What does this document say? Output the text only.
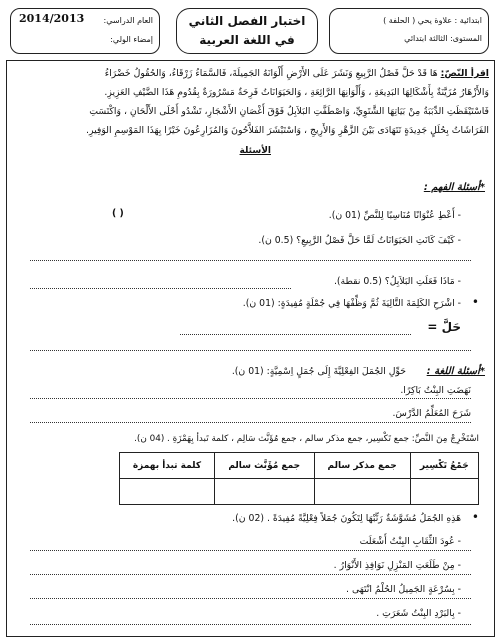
ابتدائية : علاوة يحي ( الحلفة )
المستوى: الثالثة ابتدائي
اختبار الفصل الثاني
في اللغة العربية
العام الدراسي:
2014/2013
إمضاء الولي:
اقرأ النّصّ: هَا قَدْ حَلَّ فَصْلُ الرَّبِيعِ وَنَشَرَ عَلَى الأَرْضِ أَلْوَانَهُ الجَمِيلَةَ، فَالسَّمَاءُ زَرْقَاءُ، وَالحُقُولُ خَضْرَاءُ
وَالأَزْهَارُ مُزَيَّنَةٌ بِأَشْكَالِهَا البَدِيعَةِ ، وَأَلْوَانِهَا الرَّائِعَةِ ، وَالحَيَوَانَاتُ فَرِحَةٌ مَسْرُورَةٌ بِقُدُومِ هَذَا الضَّيْفِ العَزِيزِ.
فَاسْتَيْقَظَتِ الدِّبَبَةُ مِنْ بَيَاتِهَا الشَّتَوِيِّ، وَاصْطَفَّتِ البَلاَبِلُ فَوْقَ أَغْصَانِ الأَشْجَارِ، تَشْدُو أَحْلَى الأَلْحَانِ ، وَاكْتَسَتِ
الفَرَاشَاتُ بِحُلَلٍ جَدِيدَةٍ تَتَهَادَى بَيْنَ الزَّهْرِ وَالأَرِيجِ ، وَاسْتَبْشَرَ الفَلاَّحُونَ وَالمُزَارِعُونَ خَيْرًا بِهَذَا المَوْسِمِ الوَفِيرِ.
الأسئلة
*أسئلة الفهم :
- أَعْطِ عُنْوَانًا مُنَاسِبًا لِلنَّصِّ (01 ن).
( )
- كَيْفَ كَانَتِ الحَيَوَانَاتُ لَمَّا حَلَّ فَصْلُ الرَّبِيعِ؟ (0.5 ن).
- مَاذَا فَعَلَتِ البَلاَبِلُ؟ (0.5 نقطة).
- اشْرَحِ الكَلِمَةَ التَّالِيَةَ ثُمَّ وَظِّفْهَا فِي جُمْلَةٍ مُفِيدَةٍ: (01 ن). •
حَلَّ =
*أسئلة اللغة :
حَوِّلِ الجُمَلَ الفِعْلِيَّةَ إِلَى جُمَلٍ اِسْمِيَّةٍ: (01 ن).
نَهَضَتِ البِنْتُ بَاكِرًا.
شَرَحَ المُعَلِّمُ الدَّرْسَ.
اسْتَخْرِجْ مِنَ النَّصِّ: جمع تَكْسِير، جمع مذكر سالم ، جمع مُؤَنَّث سَالِم ، كلمة تَبدأ بِهَمْزَةِ . (04 ن).
جَمْعُ تَكْسِير	جمع مذكر سالم	جمع مُؤَنَّث سالم	كلمة تبدأ بهمزة

•
هَذِهِ الجُمَلُ مُشَوَّشَةٌ رَتِّبْهَا لِتَكُونَ جُمَلاً فِعْلِيَّةً مُفِيدَةً . (02 ن).
- عُودَ الثِّقَابِ البِنْتُ أَشْعَلَت
- مِنْ طَلَعَتِ المَنْزِلِ نَوَافِذِ الأَنْوَارُ .
- بِسُرْعَةٍ الجَمِيلُ الحُلْمُ انْتَهَى .
- بِالبَرْدِ البِنْتُ شَعَرَتِ .
